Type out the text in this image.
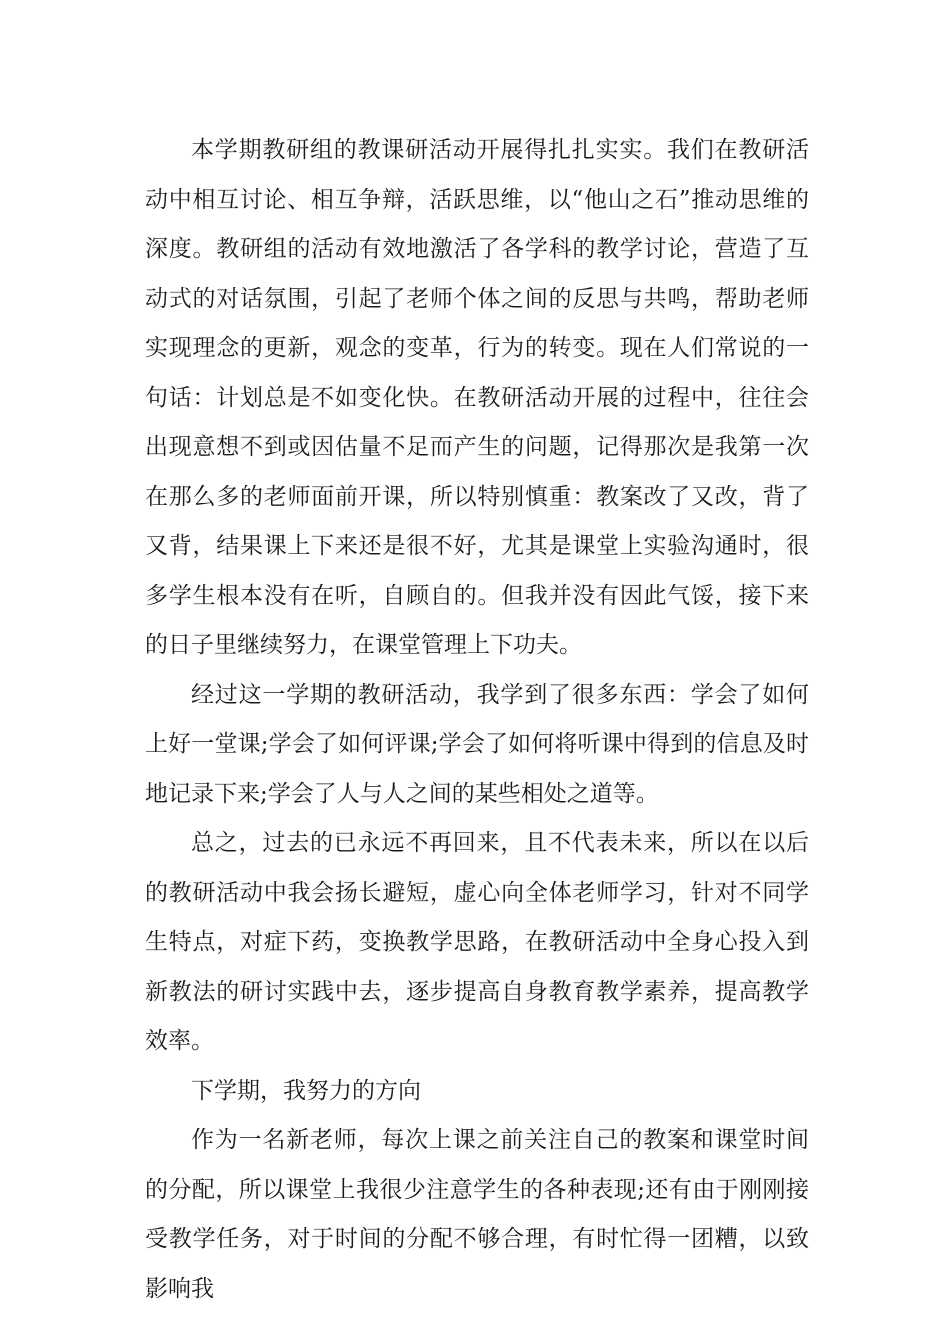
本学期教研组的教课研活动开展得扎扎实实。我们在教研活动中相互讨论、相互争辩，活跃思维，以“他山之石”推动思维的深度。教研组的活动有效地激活了各学科的教学讨论，营造了互动式的对话氛围，引起了老师个体之间的反思与共鸣，帮助老师实现理念的更新，观念的变革，行为的转变。现在人们常说的一句话：计划总是不如变化快。在教研活动开展的过程中，往往会出现意想不到或因估量不足而产生的问题，记得那次是我第一次在那么多的老师面前开课，所以特别慎重：教案改了又改，背了又背，结果课上下来还是很不好，尤其是课堂上实验沟通时，很多学生根本没有在听，自顾自的。但我并没有因此气馁，接下来的日子里继续努力，在课堂管理上下功夫。

经过这一学期的教研活动，我学到了很多东西：学会了如何上好一堂课;学会了如何评课;学会了如何将听课中得到的信息及时地记录下来;学会了人与人之间的某些相处之道等。

总之，过去的已永远不再回来，且不代表未来，所以在以后的教研活动中我会扬长避短，虚心向全体老师学习，针对不同学生特点，对症下药，变换教学思路，在教研活动中全身心投入到新教法的研讨实践中去，逐步提高自身教育教学素养，提高教学效率。

下学期，我努力的方向

作为一名新老师，每次上课之前关注自己的教案和课堂时间的分配，所以课堂上我很少注意学生的各种表现;还有由于刚刚接受教学任务，对于时间的分配不够合理，有时忙得一团糟，以致影响我
